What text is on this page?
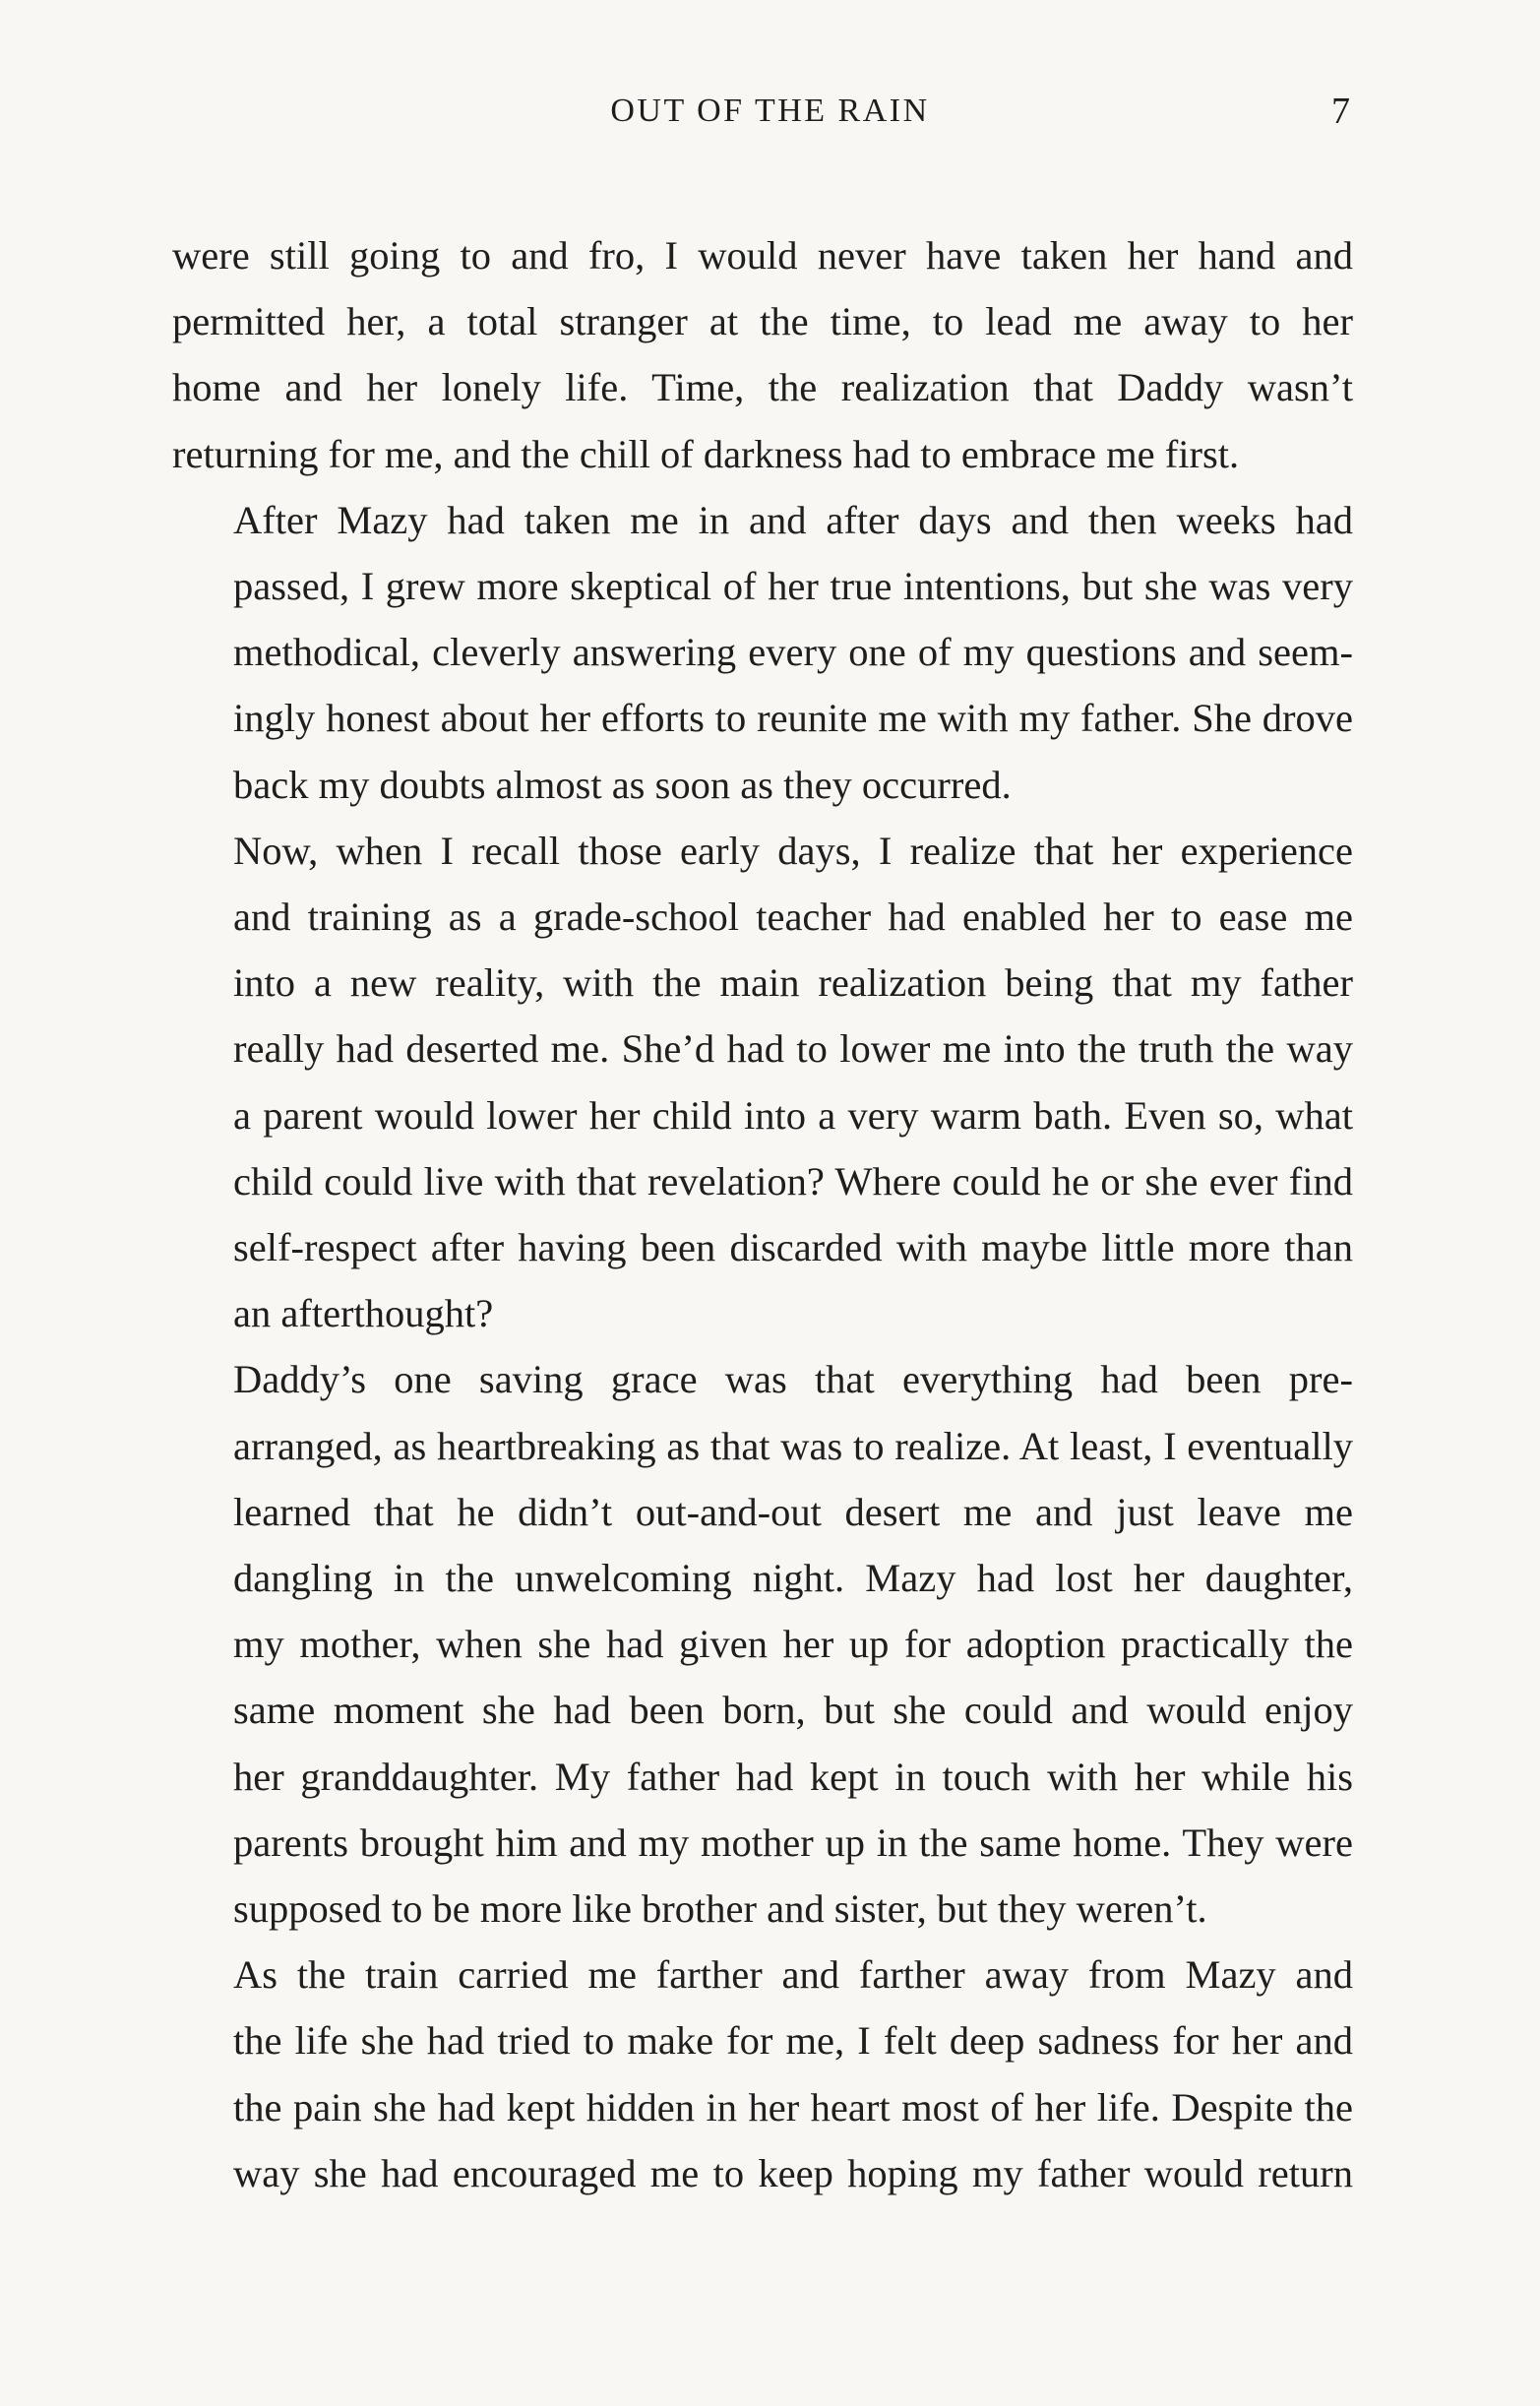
OUT OF THE RAIN	7

were still going to and fro, I would never have taken her hand and
permitted her, a total stranger at the time, to lead me away to her
home and her lonely life. Time, the realization that Daddy wasn’t
returning for me, and the chill of darkness had to embrace me first.

After Mazy had taken me in and after days and then weeks had
passed, I grew more skeptical of her true intentions, but she was very
methodical, cleverly answering every one of my questions and seem-
ingly honest about her efforts to reunite me with my father. She drove
back my doubts almost as soon as they occurred.

Now, when I recall those early days, I realize that her experience
and training as a grade-school teacher had enabled her to ease me
into a new reality, with the main realization being that my father
really had deserted me. She’d had to lower me into the truth the way
a parent would lower her child into a very warm bath. Even so, what
child could live with that revelation? Where could he or she ever find
self-respect after having been discarded with maybe little more than
an afterthought?

Daddy’s one saving grace was that everything had been pre-
arranged, as heartbreaking as that was to realize. At least, I eventually
learned that he didn’t out-and-out desert me and just leave me
dangling in the unwelcoming night. Mazy had lost her daughter,
my mother, when she had given her up for adoption practically the
same moment she had been born, but she could and would enjoy
her granddaughter. My father had kept in touch with her while his
parents brought him and my mother up in the same home. They were
supposed to be more like brother and sister, but they weren’t.

As the train carried me farther and farther away from Mazy and
the life she had tried to make for me, I felt deep sadness for her and
the pain she had kept hidden in her heart most of her life. Despite the
way she had encouraged me to keep hoping my father would return
